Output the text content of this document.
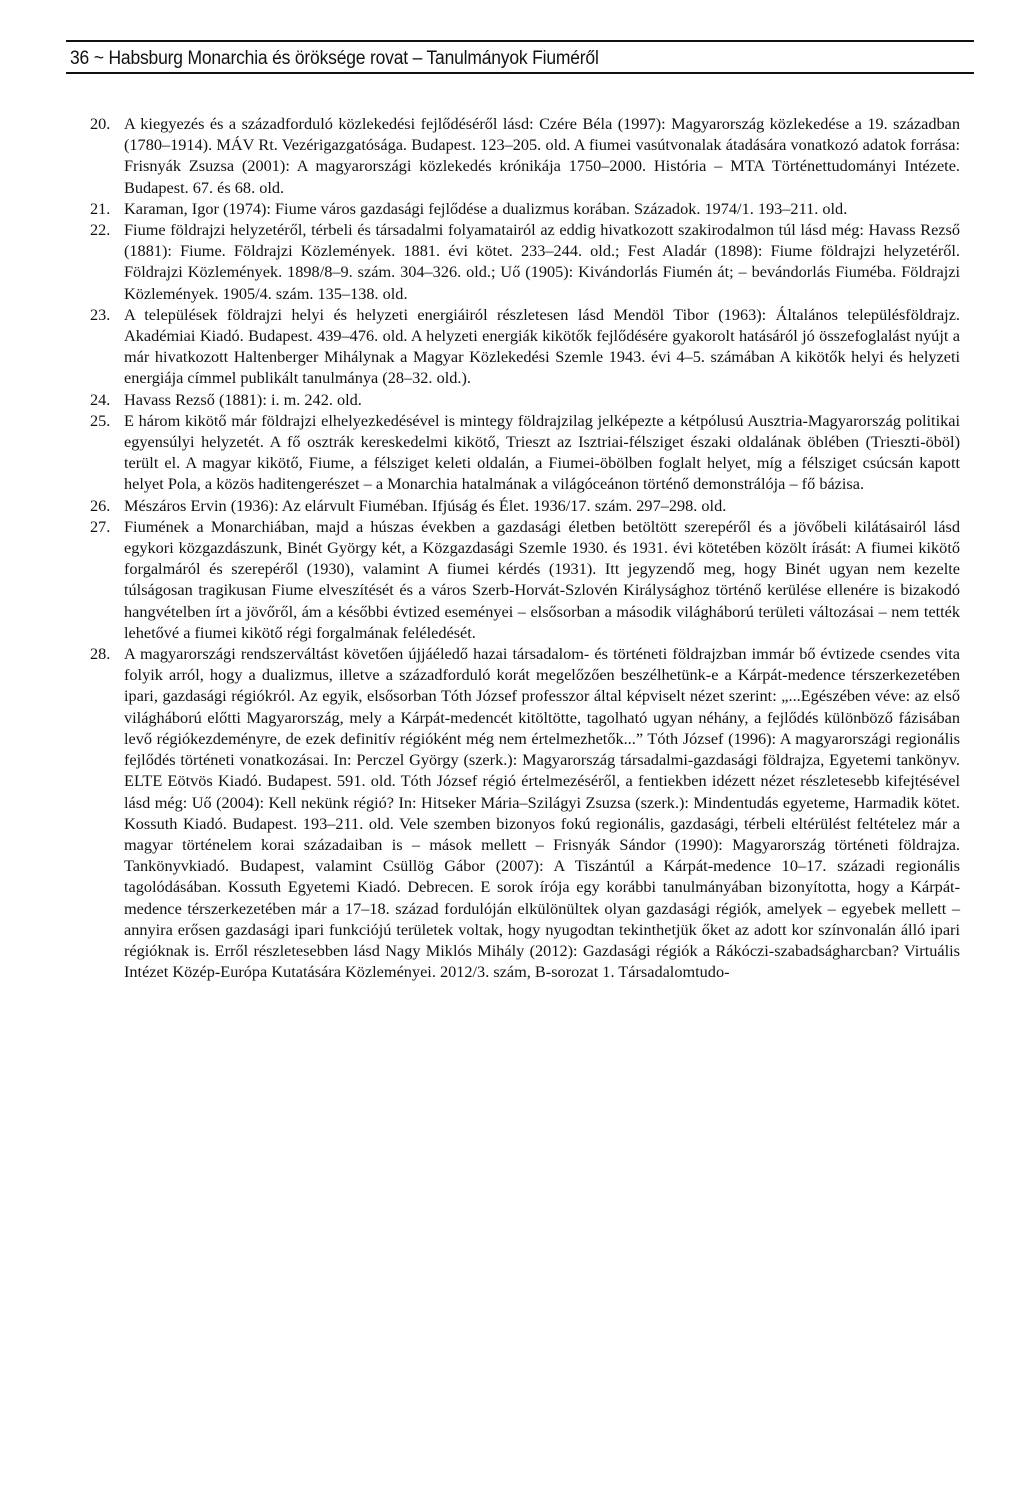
36 ~ Habsburg Monarchia és öröksége rovat – Tanulmányok Fiuméről
20. A kiegyezés és a századforduló közlekedési fejlődéséről lásd: Czére Béla (1997): Magyarország közlekedése a 19. században (1780–1914). MÁV Rt. Vezérigazgatósága. Budapest. 123–205. old. A fiumei vasútvonalak átadására vonatkozó adatok forrása: Frisnyák Zsuzsa (2001): A magyarországi közlekedés krónikája 1750–2000. História – MTA Történettudományi Intézete. Budapest. 67. és 68. old.
21. Karaman, Igor (1974): Fiume város gazdasági fejlődése a dualizmus korában. Századok. 1974/1. 193–211. old.
22. Fiume földrajzi helyzetéről, térbeli és társadalmi folyamatairól az eddig hivatkozott szakirodalmon túl lásd még: Havass Rezső (1881): Fiume. Földrajzi Közlemények. 1881. évi kötet. 233–244. old.; Fest Aladár (1898): Fiume földrajzi helyzetéről. Földrajzi Közlemények. 1898/8–9. szám. 304–326. old.; Uő (1905): Kivándorlás Fiumén át; – bevándorlás Fiuméba. Földrajzi Közlemények. 1905/4. szám. 135–138. old.
23. A települések földrajzi helyi és helyzeti energiáiról részletesen lásd Mendöl Tibor (1963): Általános településföldrajz. Akadémiai Kiadó. Budapest. 439–476. old. A helyzeti energiák kikötők fejlődésére gyakorolt hatásáról jó összefoglalást nyújt a már hivatkozott Haltenberger Mihálynak a Magyar Közlekedési Szemle 1943. évi 4–5. számában A kikötők helyi és helyzeti energiája címmel publikált tanulmánya (28–32. old.).
24. Havass Rezső (1881): i. m. 242. old.
25. E három kikötő már földrajzi elhelyezkedésével is mintegy földrajzilag jelképezte a kétpólusú Ausztria-Magyarország politikai egyensúlyi helyzetét. A fő osztrák kereskedelmi kikötő, Trieszt az Isztriai-félsziget északi oldalának öblében (Trieszti-öböl) terült el. A magyar kikötő, Fiume, a félsziget keleti oldalán, a Fiumei-öbölben foglalt helyet, míg a félsziget csúcsán kapott helyet Pola, a közös haditengerészet – a Monarchia hatalmának a világóceánon történő demonstrálója – fő bázisa.
26. Mészáros Ervin (1936): Az elárvult Fiuméban. Ifjúság és Élet. 1936/17. szám. 297–298. old.
27. Fiumének a Monarchiában, majd a húszas években a gazdasági életben betöltött szerepéről és a jövőbeli kilátásairól lásd egykori közgazdászunk, Binét György két, a Közgazdasági Szemle 1930. és 1931. évi kötetében közölt írását: A fiumei kikötő forgalmáról és szerepéről (1930), valamint A fiumei kérdés (1931). Itt jegyzendő meg, hogy Binét ugyan nem kezelte túlságosan tragikusan Fiume elveszítését és a város Szerb-Horvát-Szlovén Királysághoz történő kerülése ellenére is bizakodó hangvételben írt a jövőről, ám a későbbi évtized eseményei – elsősorban a második világháború területi változásai – nem tették lehetővé a fiumei kikötő régi forgalmának feléledését.
28. A magyarországi rendszerváltást követően újjáéledő hazai társadalom- és történeti földrajzban immár bő évtizede csendes vita folyik arról, hogy a dualizmus, illetve a századforduló korát megelőzően beszélhetünk-e a Kárpát-medence térszerkezetében ipari, gazdasági régiókról. Az egyik, elsősorban Tóth József professzor által képviselt nézet szerint: „...Egészében véve: az első világháború előtti Magyarország, mely a Kárpát-medencét kitöltötte, tagolható ugyan néhány, a fejlődés különböző fázisában levő régiókezdeményre, de ezek definitív régióként még nem értelmezhetők...” Tóth József (1996): A magyarországi regionális fejlődés történeti vonatkozásai. In: Perczel György (szerk.): Magyarország társadalmi-gazdasági földrajza, Egyetemi tankönyv. ELTE Eötvös Kiadó. Budapest. 591. old. Tóth József régió értelmezéséről, a fentiekben idézett nézet részletesebb kifejtésével lásd még: Uő (2004): Kell nekünk régió? In: Hitseker Mária–Szilágyi Zsuzsa (szerk.): Mindentudás egyeteme, Harmadik kötet. Kossuth Kiadó. Budapest. 193–211. old. Vele szemben bizonyos fokú regionális, gazdasági, térbeli eltérülést feltételez már a magyar történelem korai századaiban is – mások mellett – Frisnyák Sándor (1990): Magyarország történeti földrajza. Tankönyvkiadó. Budapest, valamint Csüllög Gábor (2007): A Tiszántúl a Kárpát-medence 10–17. századi regionális tagolódásában. Kossuth Egyetemi Kiadó. Debrecen. E sorok írója egy korábbi tanulmányában bizonyította, hogy a Kárpát-medence térszerkezetében már a 17–18. század fordulóján elkülönültek olyan gazdasági régiók, amelyek – egyebek mellett – annyira erősen gazdasági ipari funkciójú területek voltak, hogy nyugodtan tekinthetjük őket az adott kor színvonalán álló ipari régióknak is. Erről részletesebben lásd Nagy Miklós Mihály (2012): Gazdasági régiók a Rákóczi-szabadságharcban? Virtuális Intézet Közép-Európa Kutatására Közleményei. 2012/3. szám, B-sorozat 1. Társadalomtudo-
